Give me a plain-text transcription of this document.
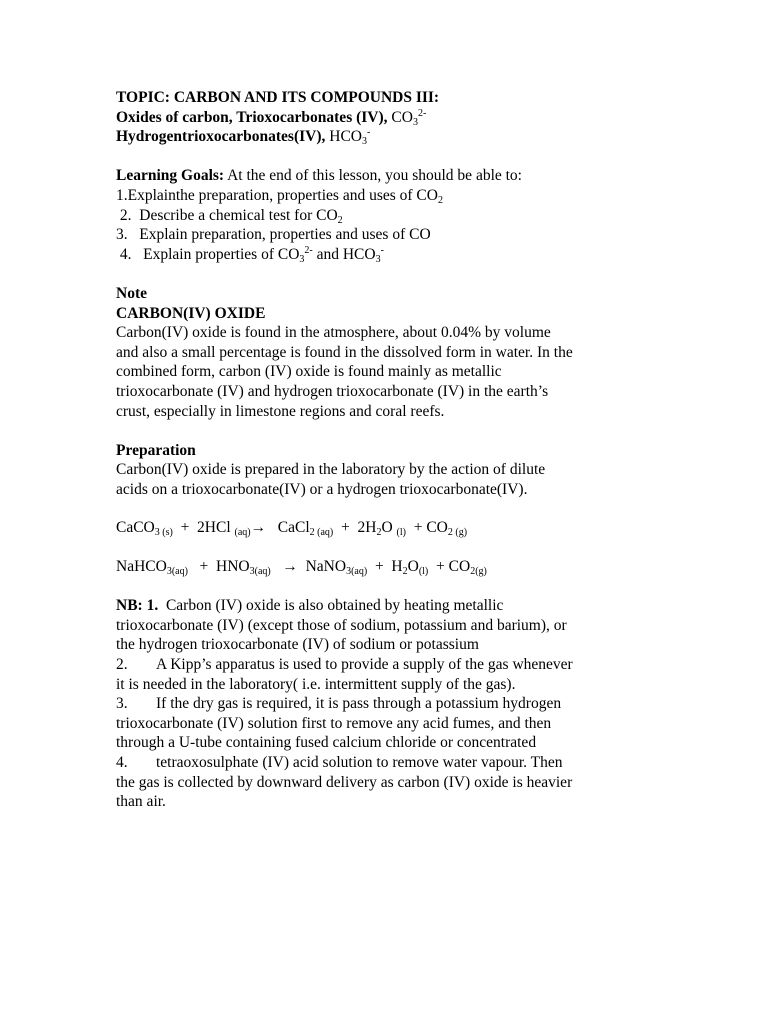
TOPIC: CARBON AND ITS COMPOUNDS III:
Oxides of carbon, Trioxocarbonates (IV), $CO_3^{2-}$
Hydrogentrioxocarbonates(IV), $HCO_3^-$
Learning Goals: At the end of this lesson, you should be able to:
1.Explainthe preparation, properties and uses of $CO_2$
2.  Describe a chemical test for $CO_2$
3.   Explain preparation, properties and uses of CO
4.   Explain properties of $CO_3^{2-}$ and $HCO_3^-$
Note
CARBON(IV) OXIDE
Carbon(IV) oxide is found in the atmosphere, about 0.04% by volume
and also a small percentage is found in the dissolved form in water. In the
combined form, carbon (IV) oxide is found mainly as metallic
trioxocarbonate (IV) and hydrogen trioxocarbonate (IV) in the earth’s
crust, especially in limestone regions and coral reefs.
Preparation
Carbon(IV) oxide is prepared in the laboratory by the action of dilute
acids on a trioxocarbonate(IV) or a hydrogen trioxocarbonate(IV).
CaCO$_{3 (s)}$  +  2HCl $_{(aq)}$→   CaCl$_{2 (aq)}$  +  $2H_2O$ $_{(l)} + CO_{2 (g)}$
NaHCO$_{3(aq)}$   +  $HNO_{3(aq)}$   →  NaNO$_{3(aq)}$  +  $H_2O_{(l)} + CO_{2(g)}$
NB: 1.  Carbon (IV) oxide is also obtained by heating metallic
trioxocarbonate (IV) (except those of sodium, potassium and barium), or
the hydrogen trioxocarbonate (IV) of sodium or potassium
2. A Kipp’s apparatus is used to provide a supply of the gas whenever
it is needed in the laboratory( i.e. intermittent supply of the gas).
3. If the dry gas is required, it is pass through a potassium hydrogen
trioxocarbonate (IV) solution first to remove any acid fumes, and then
through a U-tube containing fused calcium chloride or concentrated
4. tetraoxosulphate (IV) acid solution to remove water vapour. Then
the gas is collected by downward delivery as carbon (IV) oxide is heavier
than air.
